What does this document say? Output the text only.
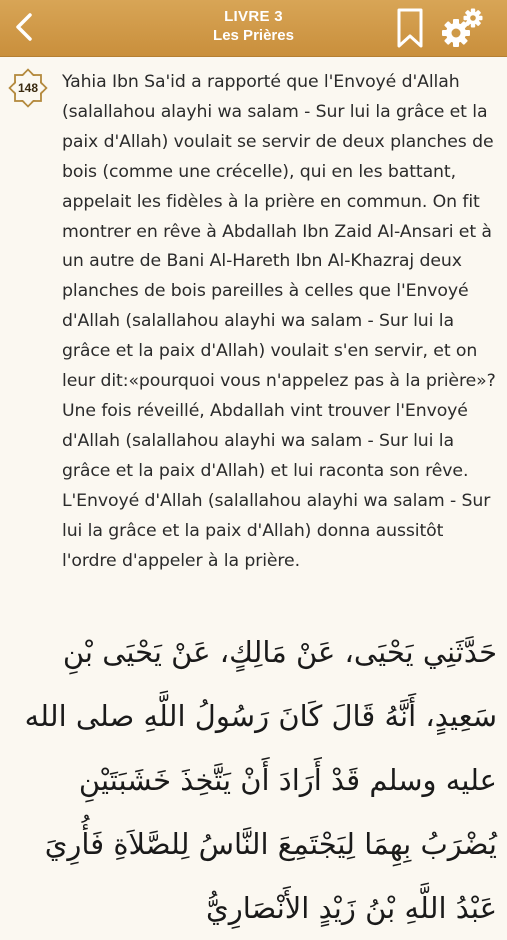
LIVRE 3
Les Prières
148	Yahia Ibn Sa'id a rapporté que l'Envoyé d'Allah (salallahou alayhi wa salam - Sur lui la grâce et la paix d'Allah) voulait se servir de deux planches de bois (comme une crécelle), qui en les battant, appelait les fidèles à la prière en commun. On fit montrer en rêve à Abdallah Ibn Zaid Al-Ansari et à un autre de Bani Al-Hareth Ibn Al-Khazraj deux planches de bois pareilles à celles que l'Envoyé d'Allah (salallahou alayhi wa salam - Sur lui la grâce et la paix d'Allah) voulait s'en servir, et on leur dit:«pourquoi vous n'appelez pas à la prière»? Une fois réveillé, Abdallah vint trouver l'Envoyé d'Allah (salallahou alayhi wa salam - Sur lui la grâce et la paix d'Allah) et lui raconta son rêve. L'Envoyé d'Allah (salallahou alayhi wa salam - Sur lui la grâce et la paix d'Allah) donna aussitôt l'ordre d'appeler à la prière.

حَدَّثَنِي يَحْيَى، عَنْ مَالِكٍ، عَنْ يَحْيَى بْنِ سَعِيدٍ، أَنَّهُ قَالَ كَانَ رَسُولُ اللَّهِ صلى الله عليه وسلم قَدْ أَرَادَ أَنْ يَتَّخِذَ خَشَبَتَيْنِ يُضْرَبُ بِهِمَا لِيَجْتَمِعَ النَّاسُ لِلصَّلاَةِ فَأُرِيَ عَبْدُ اللَّهِ بْنُ زَيْدٍ الأَنْصَارِيُّ
